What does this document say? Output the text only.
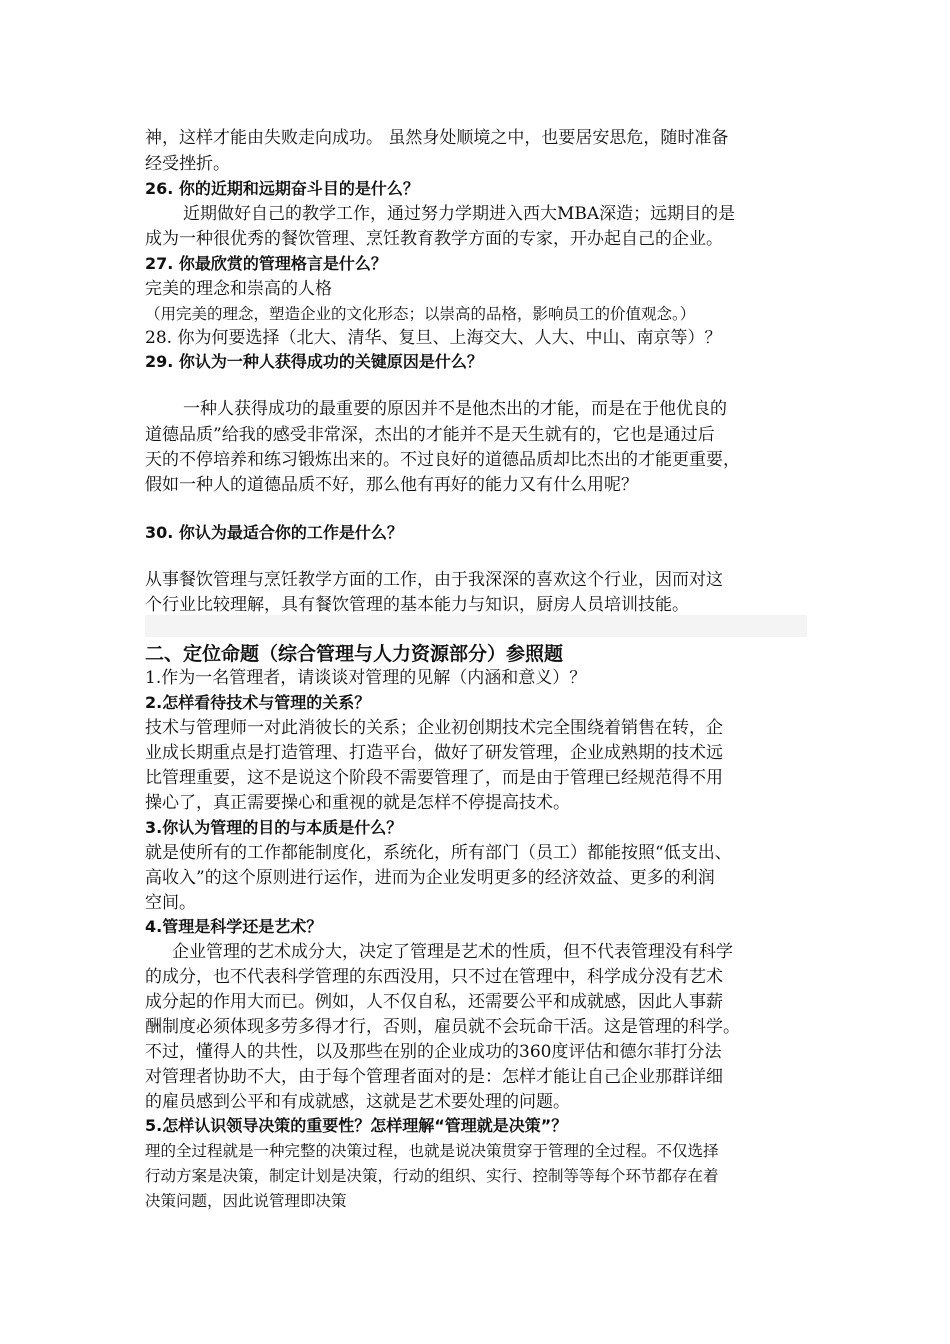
神，这样才能由失败走向成功。 虽然身处顺境之中，也要居安思危，随时准备
经受挫折。
26. 你的近期和远期奋斗目的是什么？
近期做好自己的教学工作，通过努力学期进入西大MBA深造；远期目的是
成为一种很优秀的餐饮管理、烹饪教育教学方面的专家，开办起自己的企业。
27. 你最欣赏的管理格言是什么？
完美的理念和崇高的人格
（用完美的理念，塑造企业的文化形态；以崇高的品格，影响员工的价值观念。）
28. 你为何要选择（北大、清华、复旦、上海交大、人大、中山、南京等）？
29. 你认为一种人获得成功的关键原因是什么？
一种人获得成功的最重要的原因并不是他杰出的才能，而是在于他优良的
道德品质”给我的感受非常深，杰出的才能并不是天生就有的，它也是通过后
天的不停培养和练习锻炼出来的。不过良好的道德品质却比杰出的才能更重要，
假如一种人的道德品质不好，那么他有再好的能力又有什么用呢？
30. 你认为最适合你的工作是什么？
从事餐饮管理与烹饪教学方面的工作，由于我深深的喜欢这个行业，因而对这
个行业比较理解，具有餐饮管理的基本能力与知识，厨房人员培训技能。
二、定位命题（综合管理与人力资源部分）参照题
1.作为一名管理者，请谈谈对管理的见解（内涵和意义）？
2.怎样看待技术与管理的关系？
技术与管理师一对此消彼长的关系；企业初创期技术完全围绕着销售在转，企
业成长期重点是打造管理、打造平台，做好了研发管理，企业成熟期的技术远
比管理重要，这不是说这个阶段不需要管理了，而是由于管理已经规范得不用
操心了，真正需要操心和重视的就是怎样不停提高技术。
3.你认为管理的目的与本质是什么？
就是使所有的工作都能制度化，系统化，所有部门（员工）都能按照“低支出、
高收入”的这个原则进行运作，进而为企业发明更多的经济效益、更多的利润
空间。
4.管理是科学还是艺术？
企业管理的艺术成分大，决定了管理是艺术的性质，但不代表管理没有科学
的成分，也不代表科学管理的东西没用，只不过在管理中，科学成分没有艺术
成分起的作用大而已。例如，人不仅自私，还需要公平和成就感，因此人事薪
酬制度必须体现多劳多得才行，否则，雇员就不会玩命干活。这是管理的科学。
不过，懂得人的共性，以及那些在别的企业成功的360度评估和德尔菲打分法
对管理者协助不大，由于每个管理者面对的是：怎样才能让自己企业那群详细
的雇员感到公平和有成就感，这就是艺术要处理的问题。
5.怎样认识领导决策的重要性？怎样理解“管理就是决策”？
理的全过程就是一种完整的决策过程，也就是说决策贯穿于管理的全过程。不仅选择
行动方案是决策，制定计划是决策，行动的组织、实行、控制等等每个环节都存在着
决策问题，因此说管理即决策
